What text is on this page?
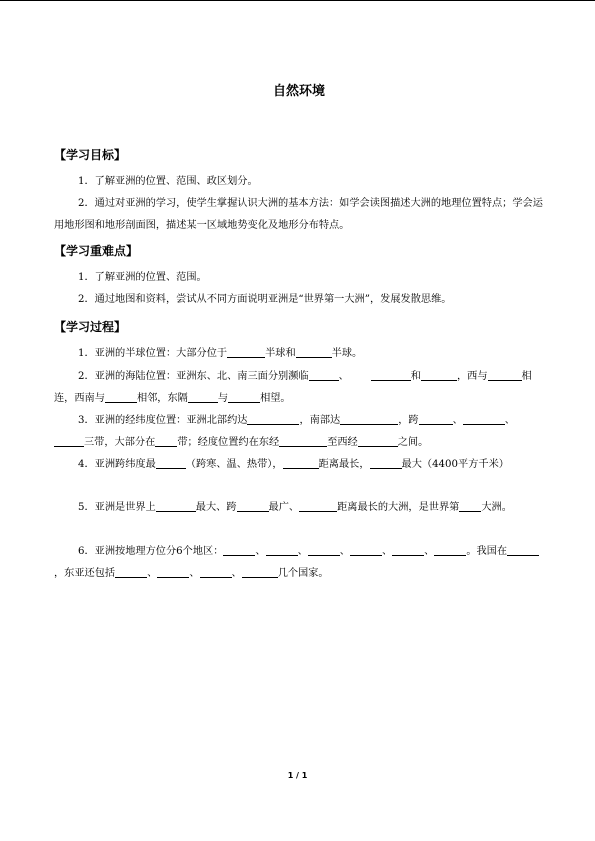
自然环境
【学习目标】
1．了解亚洲的位置、范围、政区划分。
2．通过对亚洲的学习，使学生掌握认识大洲的基本方法：如学会读图描述大洲的地理位置特点；学会运用地形图和地形剖面图，描述某一区域地势变化及地形分布特点。
【学习重难点】
1．了解亚洲的位置、范围。
2．通过地图和资料，尝试从不同方面说明亚洲是“世界第一大洲”，发展发散思维。
【学习过程】
1．亚洲的半球位置：大部分位于	半球和	半球。
2．亚洲的海陆位置：亚洲东、北、南三面分别濒临	、	和	，西与	相连，西南与	相邻，东隔	与	相望。
3．亚洲的经纬度位置：亚洲北部约达	，南部达	，跨	、	、三带，大部分在 带；经度位置约在东经	至西经	之间。
4．亚洲跨纬度最	（跨寒、温、热带），	距离最长，	最大（4400平方千米）
5．亚洲是世界上	最大、跨	最广、	距离最长的大洲，是世界第 大洲。
6．亚洲按地理方位分6个地区：	、	、	、	、	、	。我国在，东亚还包括	、	、	、	几个国家。
1 / 1
